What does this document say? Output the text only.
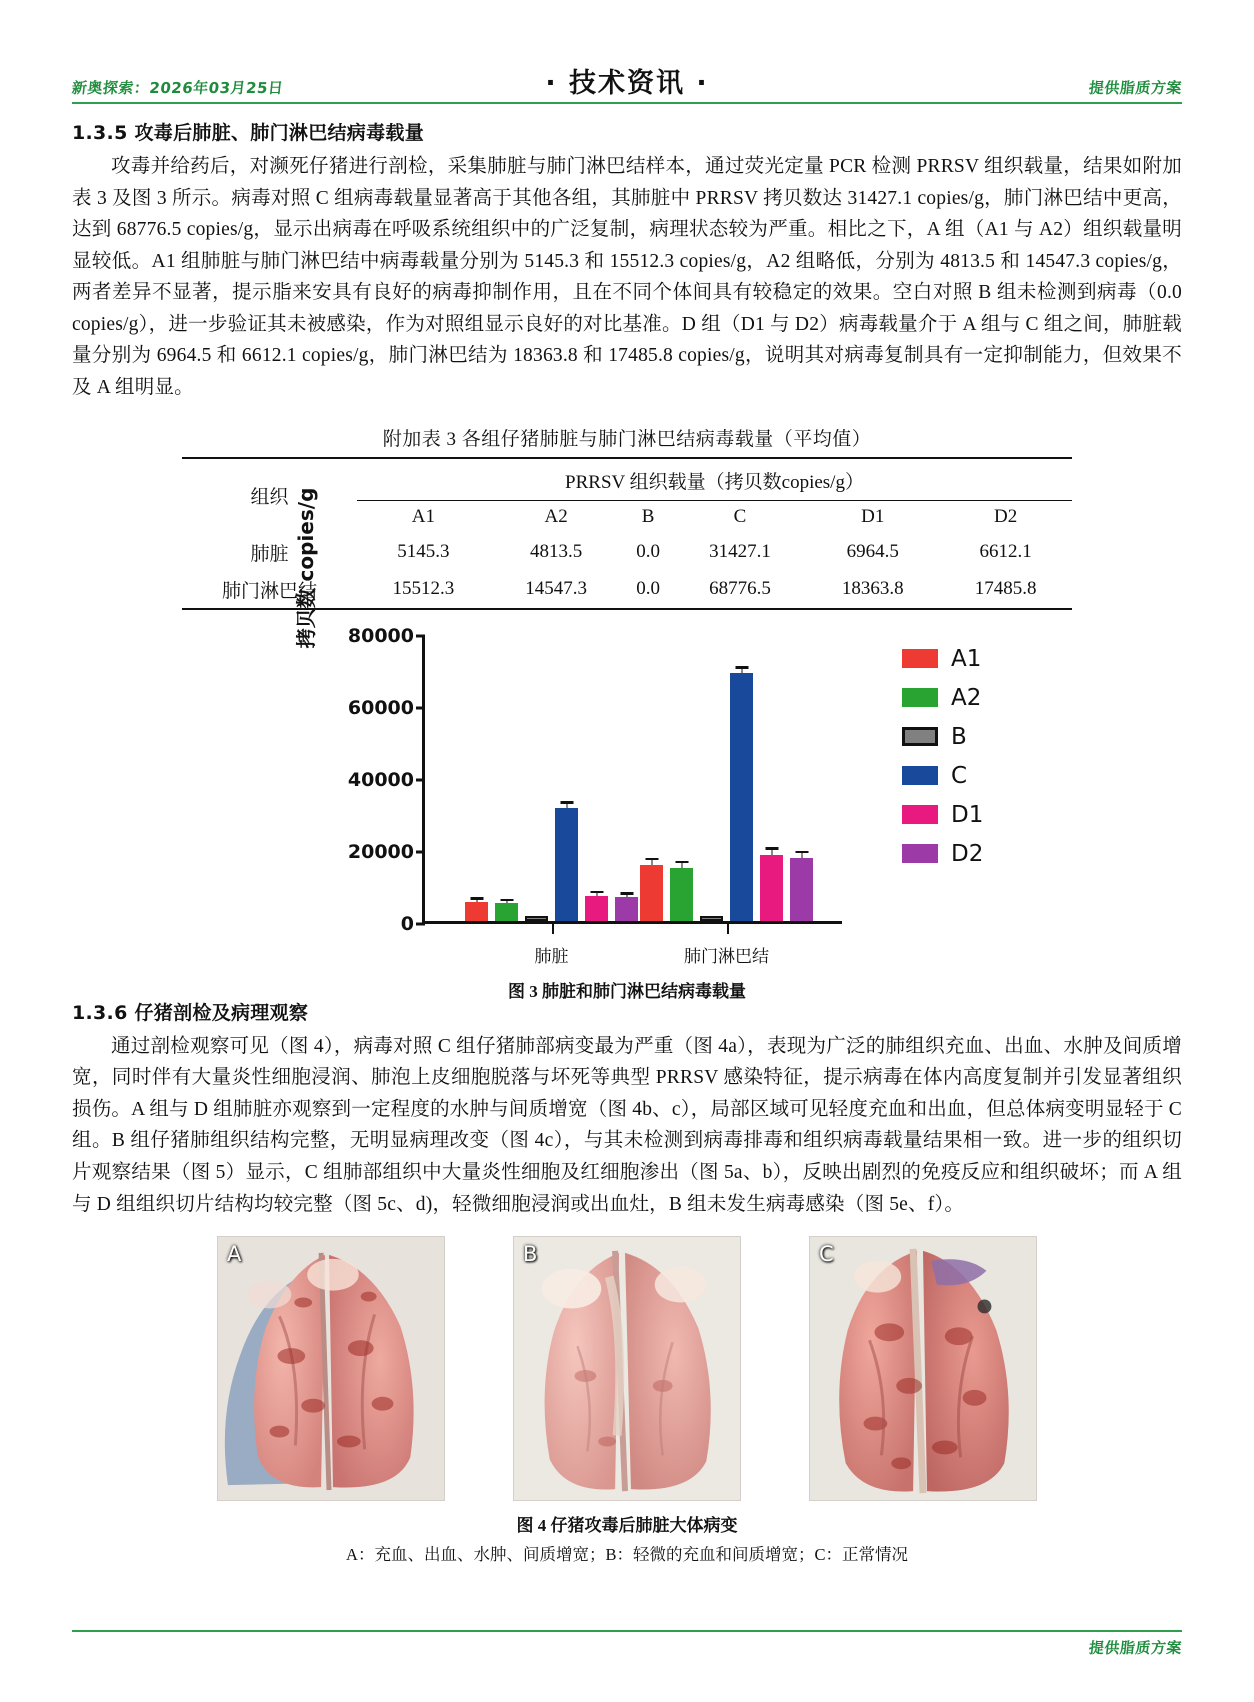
新奥探索：2026年03月25日	· 技术资讯 ·	提供脂质方案
1.3.5 攻毒后肺脏、肺门淋巴结病毒载量

攻毒并给药后，对濒死仔猪进行剖检，采集肺脏与肺门淋巴结样本，通过荧光定量 PCR 检测 PRRSV 组织载量，结果如附加表 3 及图 3 所示。病毒对照 C 组病毒载量显著高于其他各组，其肺脏中 PRRSV 拷贝数达 31427.1 copies/g，肺门淋巴结中更高，达到 68776.5 copies/g，显示出病毒在呼吸系统组织中的广泛复制，病理状态较为严重。相比之下，A 组（A1 与 A2）组织载量明显较低。A1 组肺脏与肺门淋巴结中病毒载量分别为 5145.3 和 15512.3 copies/g，A2 组略低，分别为 4813.5 和 14547.3 copies/g，两者差异不显著，提示脂来安具有良好的病毒抑制作用，且在不同个体间具有较稳定的效果。空白对照 B 组未检测到病毒（0.0 copies/g），进一步验证其未被感染，作为对照组显示良好的对比基准。D 组（D1 与 D2）病毒载量介于 A 组与 C 组之间，肺脏载量分别为 6964.5 和 6612.1 copies/g，肺门淋巴结为 18363.8 和 17485.8 copies/g，说明其对病毒复制具有一定抑制能力，但效果不及 A 组明显。

附加表 3 各组仔猪肺脏与肺门淋巴结病毒载量（平均值）
组织	PRRSV 组织载量（拷贝数copies/g）					
	A1	A2	B	C	D1	D2
肺脏	5145.3	4813.5	0.0	31427.1	6964.5	6612.1
肺门淋巴结	15512.3	14547.3	0.0	68776.5	18363.8	17485.8
拷贝数 copies/g
0
20000
40000
60000
80000
肺脏	肺门淋巴结
A1
A2
B
C
D1
D2
图 3 肺脏和肺门淋巴结病毒载量
1.3.6 仔猪剖检及病理观察

通过剖检观察可见（图 4），病毒对照 C 组仔猪肺部病变最为严重（图 4a），表现为广泛的肺组织充血、出血、水肿及间质增宽，同时伴有大量炎性细胞浸润、肺泡上皮细胞脱落与坏死等典型 PRRSV 感染特征，提示病毒在体内高度复制并引发显著组织损伤。A 组与 D 组肺脏亦观察到一定程度的水肿与间质增宽（图 4b、c），局部区域可见轻度充血和出血，但总体病变明显轻于 C 组。B 组仔猪肺组织结构完整，无明显病理改变（图 4c），与其未检测到病毒排毒和组织病毒载量结果相一致。进一步的组织切片观察结果（图 5）显示，C 组肺部组织中大量炎性细胞及红细胞渗出（图 5a、b），反映出剧烈的免疫反应和组织破坏；而 A 组与 D 组组织切片结构均较完整（图 5c、d)，轻微细胞浸润或出血灶，B 组未发生病毒感染（图 5e、f）。

A	B	C
图 4 仔猪攻毒后肺脏大体病变
A：充血、出血、水肿、间质增宽；B：轻微的充血和间质增宽；C：正常情况
提供脂质方案
